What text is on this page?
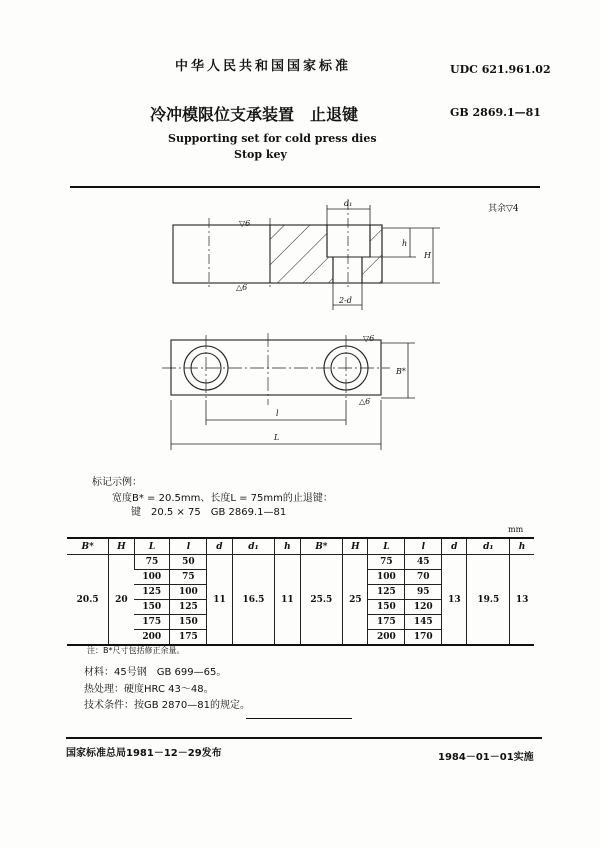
中华人民共和国国家标准	UDC 621.961.02
冷冲模限位支承装置　止退键	GB 2869.1—81
Supporting set for cold press dies
Stop key
d₁
h
H
2-d
▽6
△6
▽6
△6
B*
l
L
其余▽4
标记示例：
宽度B* = 20.5mm、长度L = 75mm的止退键：
键　20.5 × 75　GB 2869.1—81
mm
B*	H	L	l	d	d₁	h	B*	H	L	l	d	d₁	h
20.5	20	75	50	11	16.5	11	25.5	25	75	45	13	19.5	13
		100	75						100	70			
		125	100						125	95			
		150	125						150	120			
		175	150						175	145			
		200	175						200	170			
注：B*尺寸包括修正余量。
材料：45号钢　GB 699—65。
热处理：硬度HRC 43～48。
技术条件：按GB 2870—81的规定。
国家标准总局1981－12－29发布	1984－01－01实施
